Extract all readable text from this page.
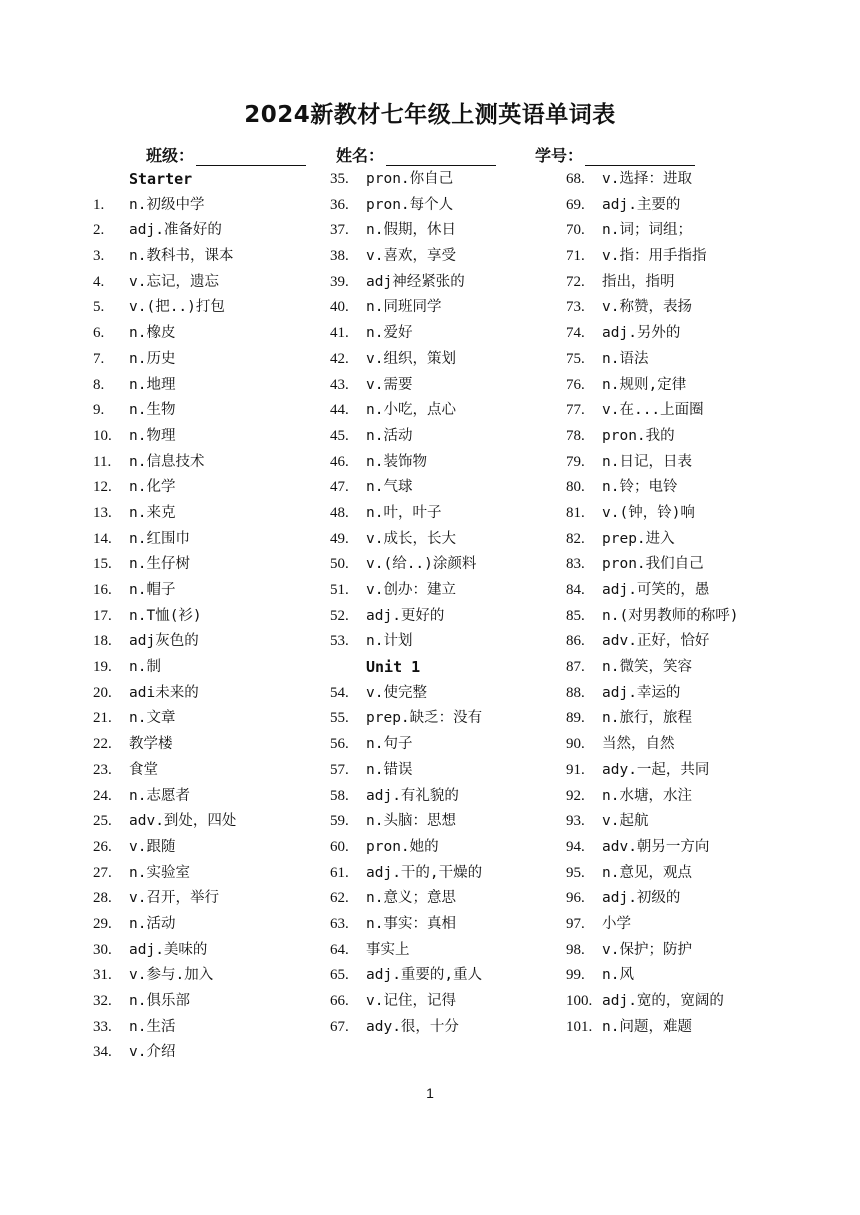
2024新教材七年级上测英语单词表
班级：	姓名：	学号：
Starter
1. n.初级中学
2. adj.准备好的
3. n.教科书，课本
4. v.忘记，遗忘
5. v.(把..)打包
6. n.橡皮
7. n.历史
8. n.地理
9. n.生物
10. n.物理
11. n.信息技术
12. n.化学
13. n.来克
14. n.红围巾
15. n.生仔树
16. n.帽子
17. n.T恤(衫)
18. adj灰色的
19. n.制
20. adi未来的
21. n.文章
22. 教学楼
23. 食堂
24. n.志愿者
25. adv.到处，四处
26. v.跟随
27. n.实验室
28. v.召开，举行
29. n.活动
30. adj.美味的
31. v.参与.加入
32. n.俱乐部
33. n.生活
34. v.介绍
35. pron.你自己
36. pron.每个人
37. n.假期，休日
38. v.喜欢，享受
39. adj神经紧张的
40. n.同班同学
41. n.爱好
42. v.组织，策划
43. v.需要
44. n.小吃，点心
45. n.活动
46. n.装饰物
47. n.气球
48. n.叶，叶子
49. v.成长，长大
50. v.(给..)涂颜料
51. v.创办：建立
52. adj.更好的
53. n.计划
Unit 1
54. v.使完整
55. prep.缺乏：没有
56. n.句子
57. n.错误
58. adj.有礼貌的
59. n.头脑：思想
60. pron.她的
61. adj.干的,干燥的
62. n.意义；意思
63. n.事实：真相
64. 事实上
65. adj.重要的,重人
66. v.记住，记得
67. ady.很，十分
68. v.选择：进取
69. adj.主要的
70. n.词；词组；
71. v.指：用手指指
72. 指出，指明
73. v.称赞，表扬
74. adj.另外的
75. n.语法
76. n.规则,定律
77. v.在...上面圈
78. pron.我的
79. n.日记，日表
80. n.铃；电铃
81. v.(钟，铃)响
82. prep.进入
83. pron.我们自己
84. adj.可笑的，愚
85. n.(对男教师的称呼)
86. adv.正好，恰好
87. n.微笑，笑容
88. adj.幸运的
89. n.旅行，旅程
90. 当然，自然
91. ady.一起，共同
92. n.水塘，水注
93. v.起航
94. adv.朝另一方向
95. n.意见，观点
96. adj.初级的
97. 小学
98. v.保护；防护
99. n.风
100. adj.宽的，宽阔的
101. n.问题，难题
1
